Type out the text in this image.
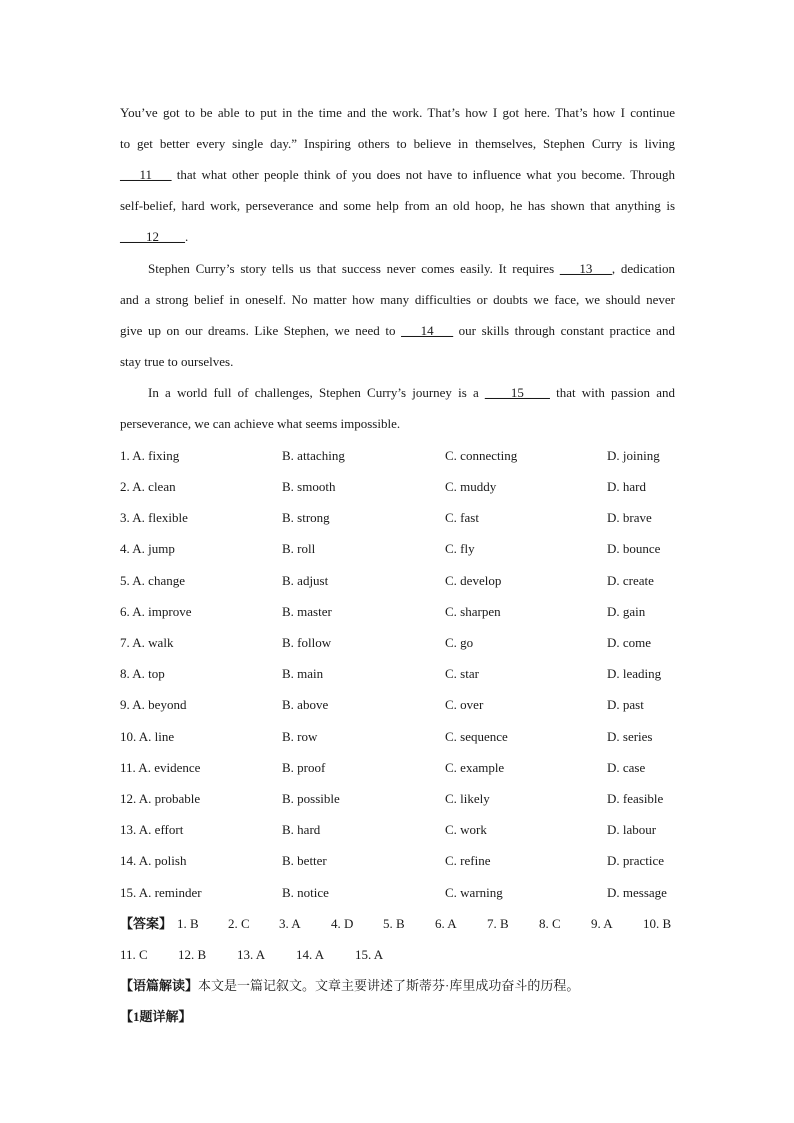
You’ve got to be able to put in the time and the work. That’s how I got here. That’s how I continue
to get better every single day.” Inspiring others to believe in themselves, Stephen Curry is living
___11___ that what other people think of you does not have to influence what you become. Through
self-belief, hard work, perseverance and some help from an old hoop, he has shown that anything is
____12____.
Stephen Curry’s story tells us that success never comes easily. It requires ___13___, dedication
and a strong belief in oneself. No matter how many difficulties or doubts we face, we should never
give up on our dreams. Like Stephen, we need to ___14___ our skills through constant practice and
stay true to ourselves.
In a world full of challenges, Stephen Curry’s journey is a ____15____ that with passion and
perseverance, we can achieve what seems impossible.
1. A. fixing	B. attaching	C. connecting	D. joining
2. A. clean	B. smooth	C. muddy	D. hard
3. A. flexible	B. strong	C. fast	D. brave
4. A. jump	B. roll	C. fly	D. bounce
5. A. change	B. adjust	C. develop	D. create
6. A. improve	B. master	C. sharpen	D. gain
7. A. walk	B. follow	C. go	D. come
8. A. top	B. main	C. star	D. leading
9. A. beyond	B. above	C. over	D. past
10. A. line	B. row	C. sequence	D. series
11. A. evidence	B. proof	C. example	D. case
12. A. probable	B. possible	C. likely	D. feasible
13. A. effort	B. hard	C. work	D. labour
14. A. polish	B. better	C. refine	D. practice
15. A. reminder	B. notice	C. warning	D. message
【答案】 1. B 2. C 3. A 4. D 5. B 6. A 7. B 8. C 9. A 10. B
11. C 12. B 13. A 14. A 15. A
【语篇解读】本文是一篇记叙文。文章主要讲述了斯蒂芬·库里成功奋斗的历程。
【1题详解】
